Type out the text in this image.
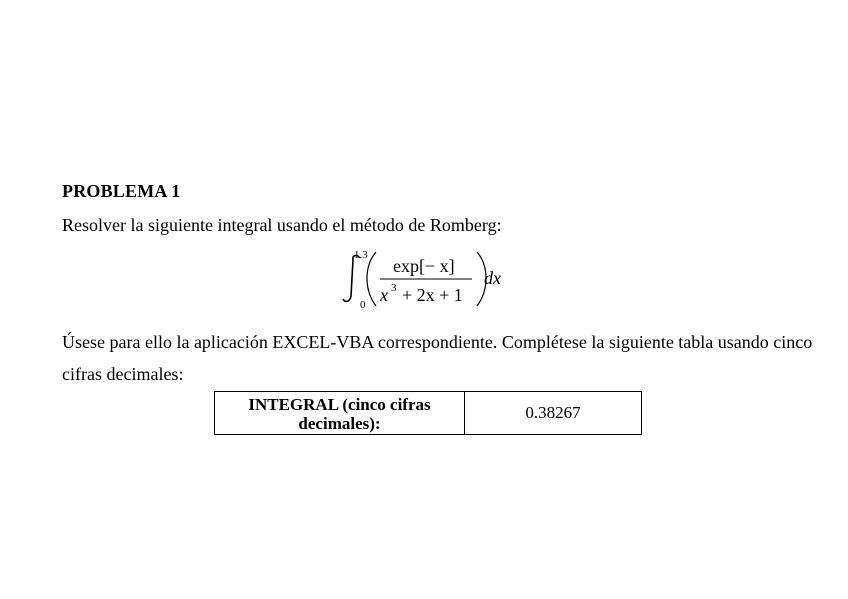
PROBLEMA 1
Resolver la siguiente integral usando el método de Romberg:
1.3
0
exp[− x]
x 3 + 2x + 1
dx
Úsese para ello la aplicación EXCEL-VBA correspondiente. Complétese la siguiente tabla usando cinco cifras decimales:
INTEGRAL (cinco cifras decimales):
0.38267
